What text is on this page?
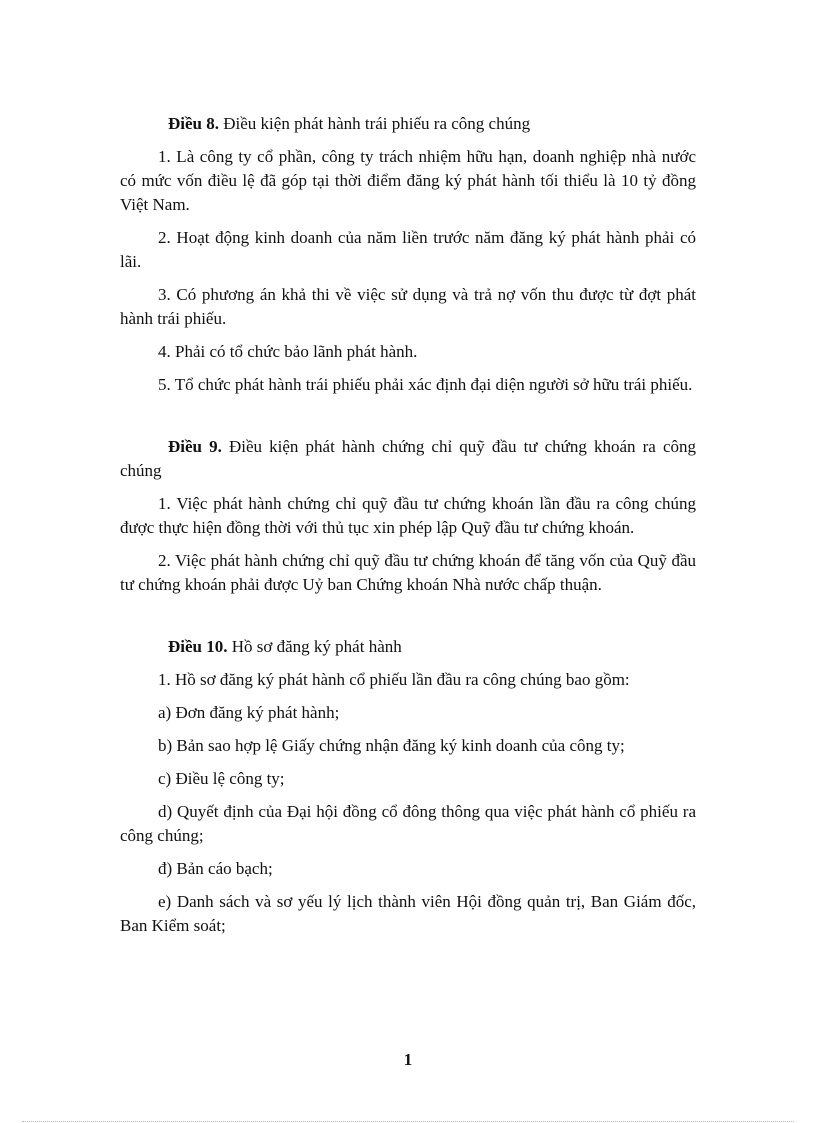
Điều 8. Điều kiện phát hành trái phiếu ra công chúng

1. Là công ty cổ phần, công ty trách nhiệm hữu hạn, doanh nghiệp nhà nước có mức vốn điều lệ đã góp tại thời điểm đăng ký phát hành tối thiểu là 10 tỷ đồng Việt Nam.

2. Hoạt động kinh doanh của năm liền trước năm đăng ký phát hành phải có lãi.

3. Có phương án khả thi về việc sử dụng và trả nợ vốn thu được từ đợt phát hành trái phiếu.

4. Phải có tổ chức bảo lãnh phát hành.

5. Tổ chức phát hành trái phiếu phải xác định đại diện người sở hữu trái phiếu.

Điều 9. Điều kiện phát hành chứng chỉ quỹ đầu tư chứng khoán ra công chúng

1. Việc phát hành chứng chỉ quỹ đầu tư chứng khoán lần đầu ra công chúng được thực hiện đồng thời với thủ tục xin phép lập Quỹ đầu tư chứng khoán.

2. Việc phát hành chứng chỉ quỹ đầu tư chứng khoán để tăng vốn của Quỹ đầu tư chứng khoán phải được Uỷ ban Chứng khoán Nhà nước chấp thuận.

Điều 10. Hồ sơ đăng ký phát hành

1. Hồ sơ đăng ký phát hành cổ phiếu lần đầu ra công chúng bao gồm:

a) Đơn đăng ký phát hành;

b) Bản sao hợp lệ Giấy chứng nhận đăng ký kinh doanh của công ty;

c) Điều lệ công ty;

d) Quyết định của Đại hội đồng cổ đông thông qua việc phát hành cổ phiếu ra công chúng;

đ) Bản cáo bạch;

e) Danh sách và sơ yếu lý lịch thành viên Hội đồng quản trị, Ban Giám đốc, Ban Kiểm soát;

1
